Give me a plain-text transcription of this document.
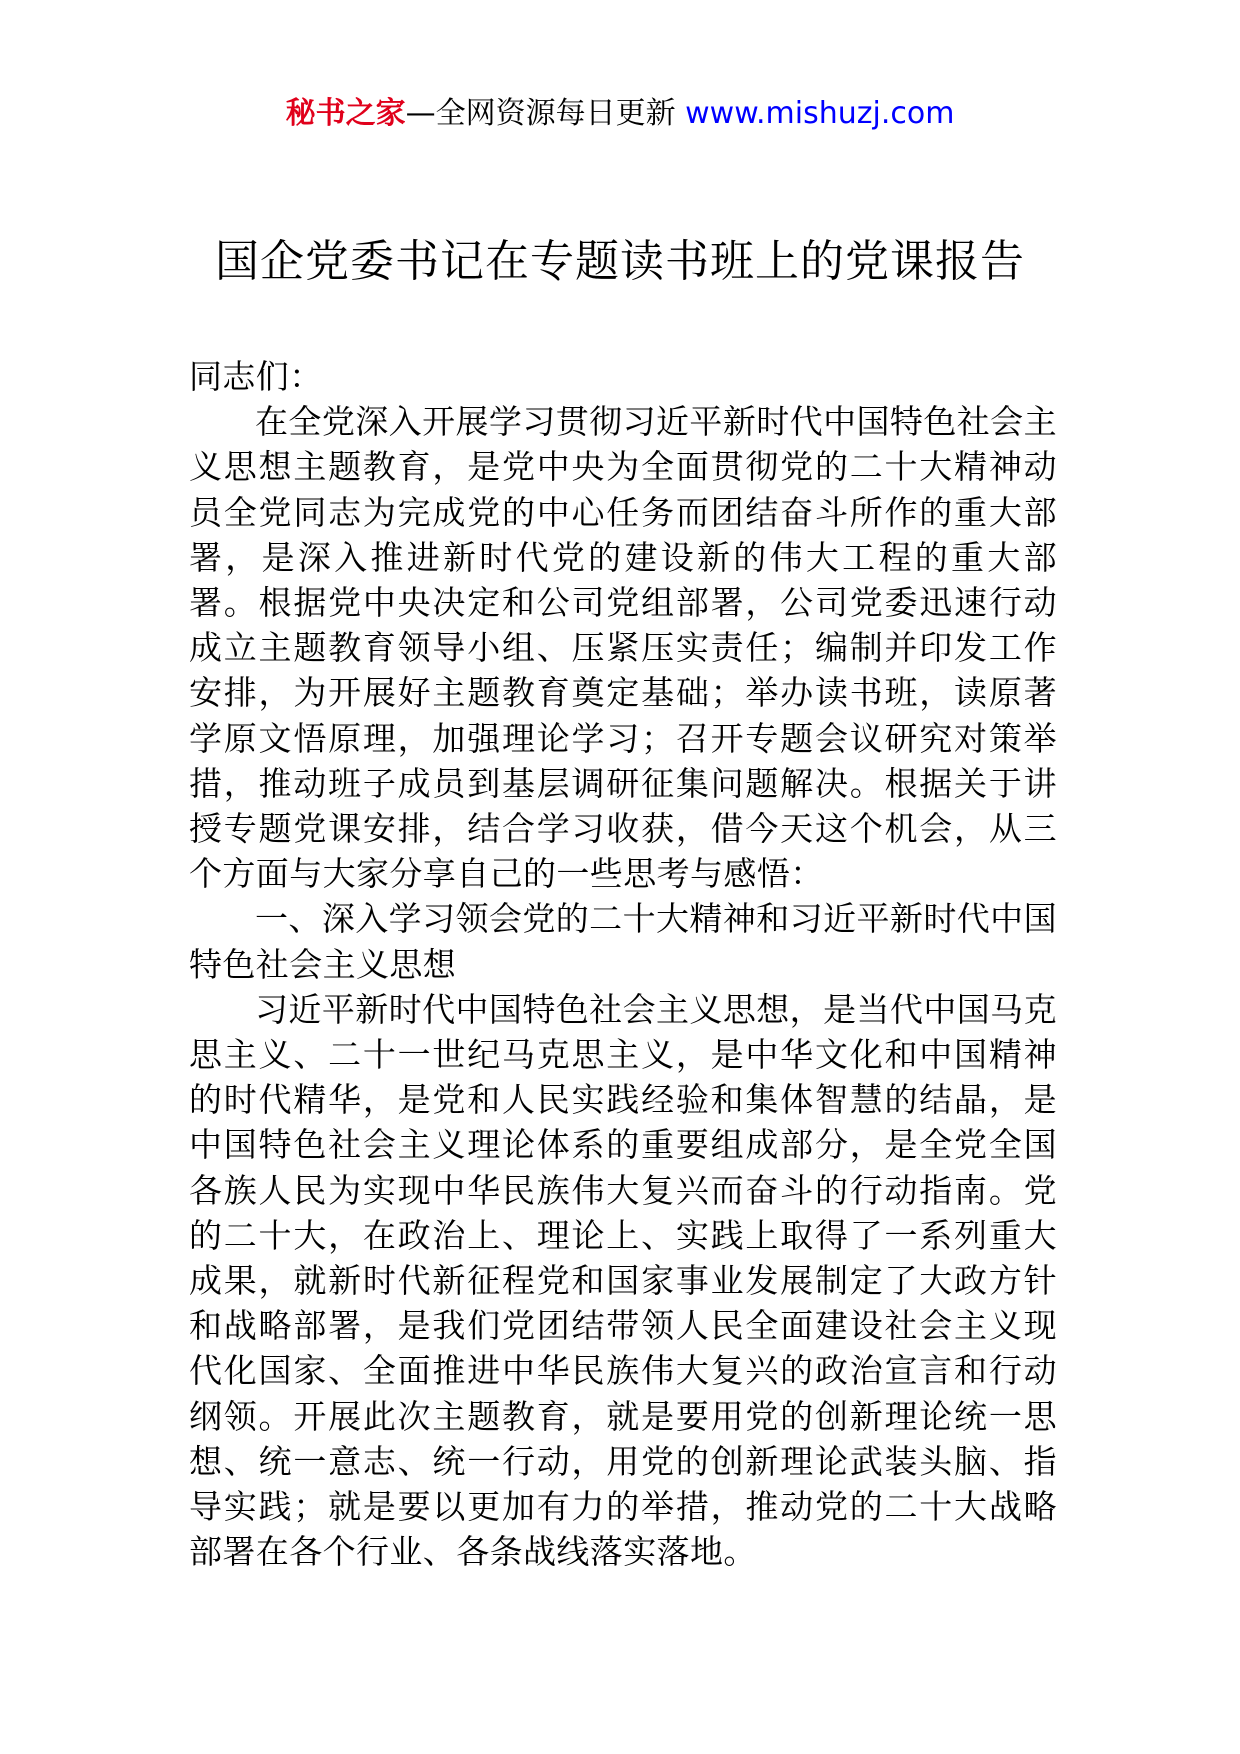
秘书之家—全网资源每日更新 www.mishuzj.com
国企党委书记在专题读书班上的党课报告

同志们：

在全党深入开展学习贯彻习近平新时代中国特色社会主义思想主题教育，是党中央为全面贯彻党的二十大精神动员全党同志为完成党的中心任务而团结奋斗所作的重大部署，是深入推进新时代党的建设新的伟大工程的重大部署。根据党中央决定和公司党组部署，公司党委迅速行动成立主题教育领导小组、压紧压实责任；编制并印发工作安排，为开展好主题教育奠定基础；举办读书班，读原著学原文悟原理，加强理论学习；召开专题会议研究对策举措，推动班子成员到基层调研征集问题解决。根据关于讲授专题党课安排，结合学习收获，借今天这个机会，从三个方面与大家分享自己的一些思考与感悟：

一、深入学习领会党的二十大精神和习近平新时代中国特色社会主义思想

习近平新时代中国特色社会主义思想，是当代中国马克思主义、二十一世纪马克思主义，是中华文化和中国精神的时代精华，是党和人民实践经验和集体智慧的结晶，是中国特色社会主义理论体系的重要组成部分，是全党全国各族人民为实现中华民族伟大复兴而奋斗的行动指南。党的二十大，在政治上、理论上、实践上取得了一系列重大成果，就新时代新征程党和国家事业发展制定了大政方针和战略部署，是我们党团结带领人民全面建设社会主义现代化国家、全面推进中华民族伟大复兴的政治宣言和行动纲领。开展此次主题教育，就是要用党的创新理论统一思想、统一意志、统一行动，用党的创新理论武装头脑、指导实践；就是要以更加有力的举措，推动党的二十大战略部署在各个行业、各条战线落实落地。
